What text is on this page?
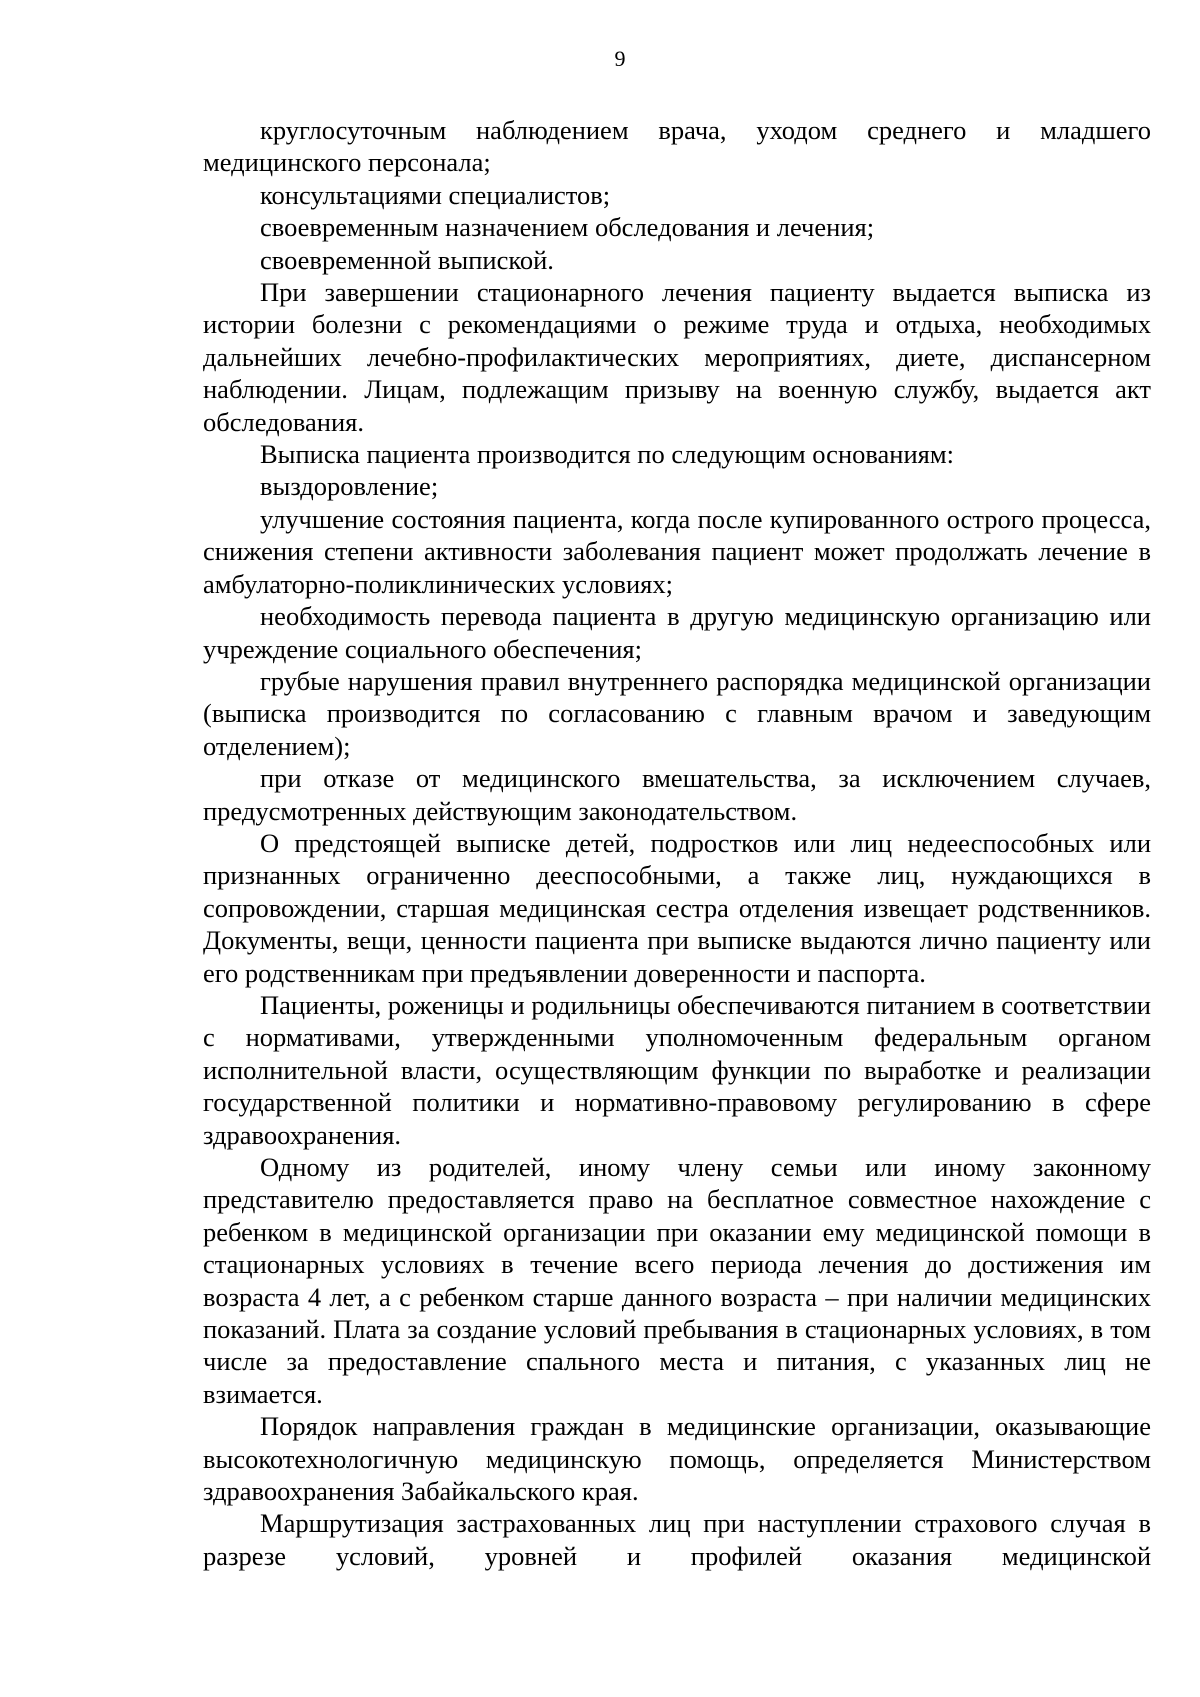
9

круглосуточным наблюдением врача, уходом среднего и младшего медицинского персонала;

консультациями специалистов;

своевременным назначением обследования и лечения;

своевременной выпиской.

При завершении стационарного лечения пациенту выдается выписка из истории болезни с рекомендациями о режиме труда и отдыха, необходимых дальнейших лечебно-профилактических мероприятиях, диете, диспансерном наблюдении. Лицам, подлежащим призыву на военную службу, выдается акт обследования.

Выписка пациента производится по следующим основаниям:

выздоровление;

улучшение состояния пациента, когда после купированного острого процесса, снижения степени активности заболевания пациент может продолжать лечение в амбулаторно-поликлинических условиях;

необходимость перевода пациента в другую медицинскую организацию или учреждение социального обеспечения;

грубые нарушения правил внутреннего распорядка медицинской организации (выписка производится по согласованию с главным врачом и заведующим отделением);

при отказе от медицинского вмешательства, за исключением случаев, предусмотренных действующим законодательством.

О предстоящей выписке детей, подростков или лиц недееспособных или признанных ограниченно дееспособными, а также лиц, нуждающихся в сопровождении, старшая медицинская сестра отделения извещает родственников. Документы, вещи, ценности пациента при выписке выдаются лично пациенту или его родственникам при предъявлении доверенности и паспорта.

Пациенты, роженицы и родильницы обеспечиваются питанием в соответствии с нормативами, утвержденными уполномоченным федеральным органом исполнительной власти, осуществляющим функции по выработке и реализации государственной политики и нормативно-правовому регулированию в сфере здравоохранения.

Одному из родителей, иному члену семьи или иному законному представителю предоставляется право на бесплатное совместное нахождение с ребенком в медицинской организации при оказании ему медицинской помощи в стационарных условиях в течение всего периода лечения до достижения им возраста 4 лет, а с ребенком старше данного возраста – при наличии медицинских показаний. Плата за создание условий пребывания в стационарных условиях, в том числе за предоставление спального места и питания, с указанных лиц не взимается.

Порядок направления граждан в медицинские организации, оказывающие высокотехнологичную медицинскую помощь, определяется Министерством здравоохранения Забайкальского края.

Маршрутизация застрахованных лиц при наступлении страхового случая в разрезе условий, уровней и профилей оказания медицинской
